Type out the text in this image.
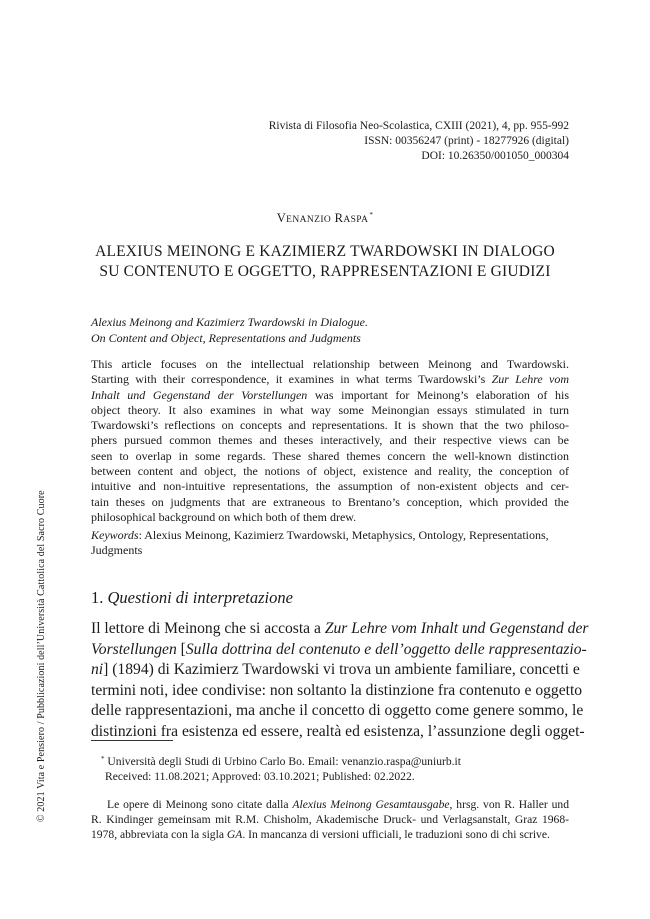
Rivista di Filosofia Neo-Scolastica, CXIII (2021), 4, pp. 955-992
ISSN: 00356247 (print) - 18277926 (digital)
DOI: 10.26350/001050_000304
VENANZIO RASPA*
ALEXIUS MEINONG E KAZIMIERZ TWARDOWSKI IN DIALOGO
SU CONTENUTO E OGGETTO, RAPPRESENTAZIONI E GIUDIZI
Alexius Meinong and Kazimierz Twardowski in Dialogue.
On Content and Object, Representations and Judgments
This article focuses on the intellectual relationship between Meinong and Twardowski.
Starting with their correspondence, it examines in what terms Twardowski’s Zur Lehre vom
Inhalt und Gegenstand der Vorstellungen was important for Meinong’s elaboration of his
object theory. It also examines in what way some Meinongian essays stimulated in turn
Twardowski’s reflections on concepts and representations. It is shown that the two philoso-
phers pursued common themes and theses interactively, and their respective views can be
seen to overlap in some regards. These shared themes concern the well-known distinction
between content and object, the notions of object, existence and reality, the conception of
intuitive and non-intuitive representations, the assumption of non-existent objects and cer-
tain theses on judgments that are extraneous to Brentano’s conception, which provided the
philosophical background on which both of them drew.
Keywords: Alexius Meinong, Kazimierz Twardowski, Metaphysics, Ontology, Representations, Judgments
1. Questioni di interpretazione
Il lettore di Meinong che si accosta a Zur Lehre vom Inhalt und Gegenstand der
Vorstellungen [Sulla dottrina del contenuto e dell’oggetto delle rappresentazio-
ni] (1894) di Kazimierz Twardowski vi trova un ambiente familiare, concetti e
termini noti, idee condivise: non soltanto la distinzione fra contenuto e oggetto
delle rappresentazioni, ma anche il concetto di oggetto come genere sommo, le
distinzioni fra esistenza ed essere, realtà ed esistenza, l’assunzione degli ogget-
* Università degli Studi di Urbino Carlo Bo. Email: venanzio.raspa@uniurb.it
Received: 11.08.2021; Approved: 03.10.2021; Published: 02.2022.
Le opere di Meinong sono citate dalla Alexius Meinong Gesamtausgabe, hrsg. von R. Haller und
R. Kindinger gemeinsam mit R.M. Chisholm, Akademische Druck- und Verlagsanstalt, Graz 1968-
1978, abbreviata con la sigla GA. In mancanza di versioni ufficiali, le traduzioni sono di chi scrive.
© 2021 Vita e Pensiero / Pubblicazioni dell’Università Cattolica del Sacro Cuore
